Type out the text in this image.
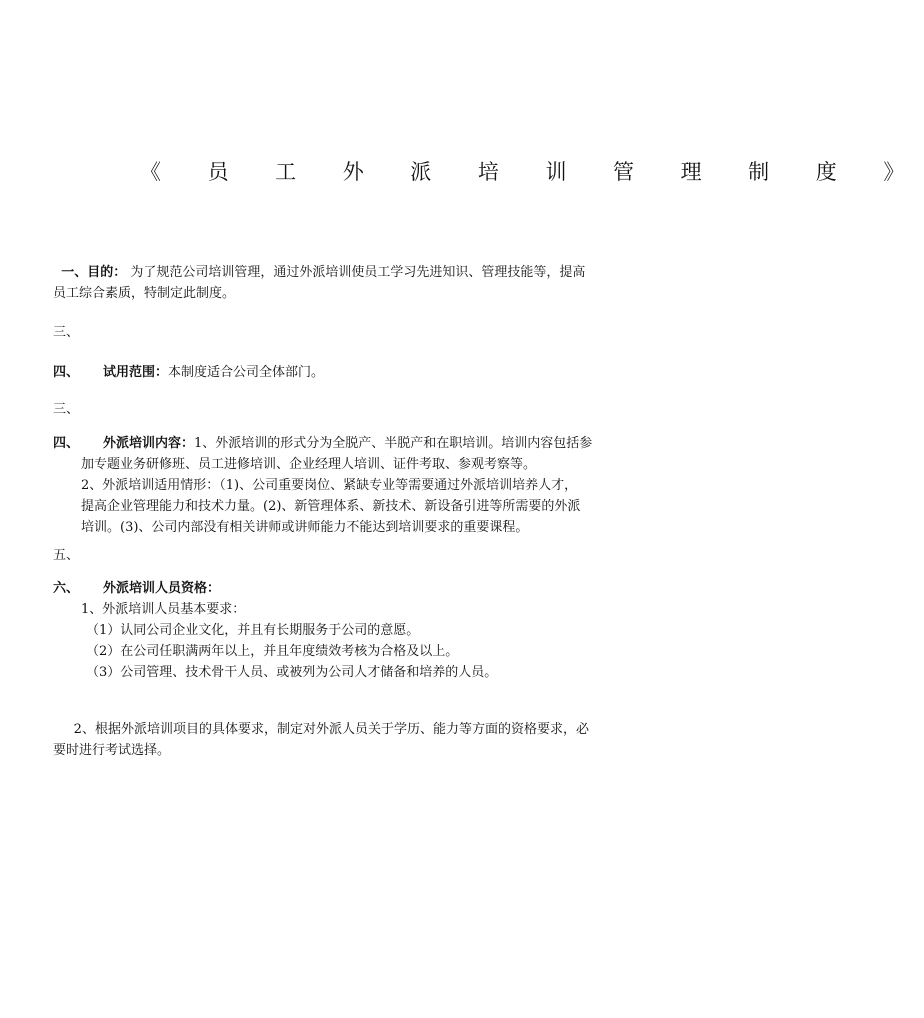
《 员 工 外 派 培 训 管 理 制 度 》
一、目的： 为了规范公司培训管理，通过外派培训使员工学习先进知识、管理技能等，提高
员工综合素质，特制定此制度。
三、
四、 试用范围：本制度适合公司全体部门。
三、
四、 外派培训内容：1、外派培训的形式分为全脱产、半脱产和在职培训。培训内容包括参
加专题业务研修班、员工进修培训、企业经理人培训、证件考取、参观考察等。
2、外派培训适用情形：（1)、公司重要岗位、紧缺专业等需要通过外派培训培养人才，
提高企业管理能力和技术力量。(2)、新管理体系、新技术、新设备引进等所需要的外派
培训。(3)、公司内部没有相关讲师或讲师能力不能达到培训要求的重要课程。
五、
六、 外派培训人员资格：
1、外派培训人员基本要求：
（1）认同公司企业文化，并且有长期服务于公司的意愿。
（2）在公司任职满两年以上，并且年度绩效考核为合格及以上。
（3）公司管理、技术骨干人员、或被列为公司人才储备和培养的人员。
2、根据外派培训项目的具体要求，制定对外派人员关于学历、能力等方面的资格要求，必
要时进行考试选择。
